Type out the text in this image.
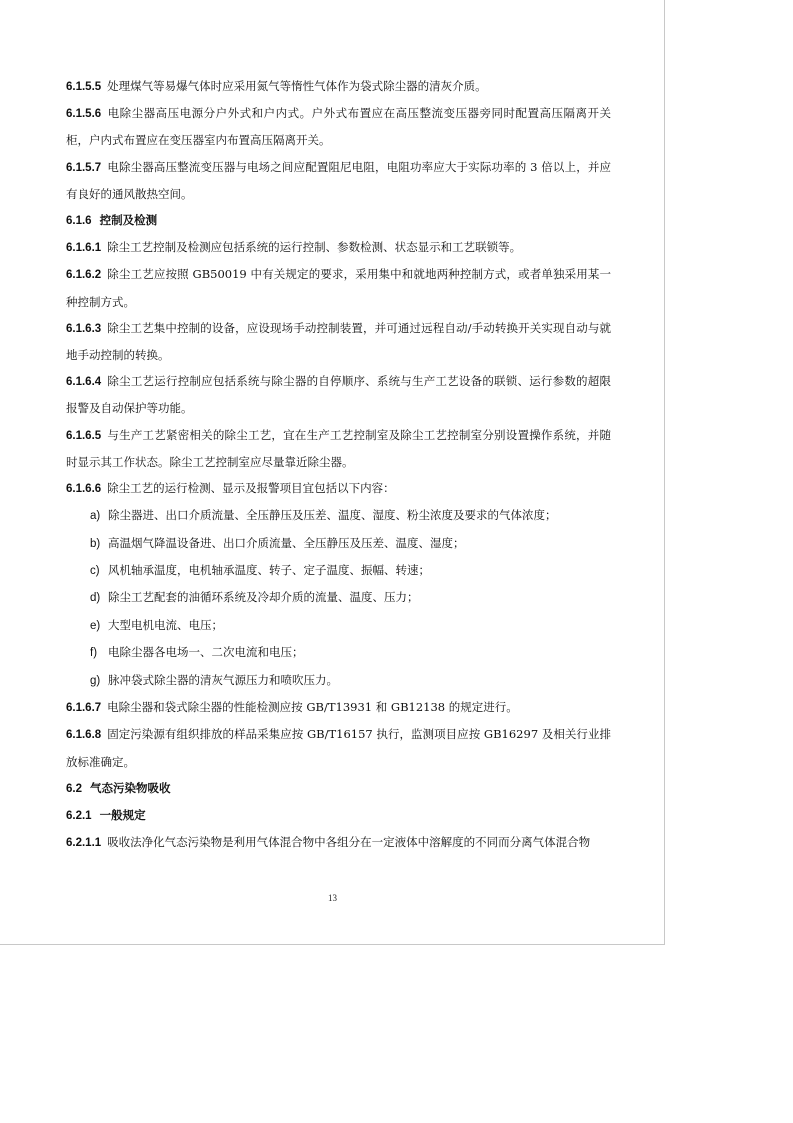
6.1.5.5 处理煤气等易爆气体时应采用氮气等惰性气体作为袋式除尘器的清灰介质。

6.1.5.6 电除尘器高压电源分户外式和户内式。户外式布置应在高压整流变压器旁同时配置高压隔离开关柜，户内式布置应在变压器室内布置高压隔离开关。

6.1.5.7 电除尘器高压整流变压器与电场之间应配置阻尼电阻，电阻功率应大于实际功率的 3 倍以上，并应有良好的通风散热空间。

6.1.6 控制及检测

6.1.6.1 除尘工艺控制及检测应包括系统的运行控制、参数检测、状态显示和工艺联锁等。

6.1.6.2 除尘工艺应按照 GB50019 中有关规定的要求，采用集中和就地两种控制方式，或者单独采用某一种控制方式。

6.1.6.3 除尘工艺集中控制的设备，应设现场手动控制装置，并可通过远程自动/手动转换开关实现自动与就地手动控制的转换。

6.1.6.4 除尘工艺运行控制应包括系统与除尘器的自停顺序、系统与生产工艺设备的联锁、运行参数的超限报警及自动保护等功能。

6.1.6.5 与生产工艺紧密相关的除尘工艺，宜在生产工艺控制室及除尘工艺控制室分别设置操作系统，并随时显示其工作状态。除尘工艺控制室应尽量靠近除尘器。

6.1.6.6 除尘工艺的运行检测、显示及报警项目宜包括以下内容：

a) 除尘器进、出口介质流量、全压静压及压差、温度、湿度、粉尘浓度及要求的气体浓度；

b) 高温烟气降温设备进、出口介质流量、全压静压及压差、温度、湿度；

c) 风机轴承温度，电机轴承温度、转子、定子温度、振幅、转速；

d) 除尘工艺配套的油循环系统及冷却介质的流量、温度、压力；

e) 大型电机电流、电压；

f) 电除尘器各电场一、二次电流和电压；

g) 脉冲袋式除尘器的清灰气源压力和喷吹压力。

6.1.6.7 电除尘器和袋式除尘器的性能检测应按 GB/T13931 和 GB12138 的规定进行。

6.1.6.8 固定污染源有组织排放的样品采集应按 GB/T16157 执行，监测项目应按 GB16297 及相关行业排放标准确定。

6.2 气态污染物吸收

6.2.1 一般规定

6.2.1.1 吸收法净化气态污染物是利用气体混合物中各组分在一定液体中溶解度的不同而分离气体混合物

13
